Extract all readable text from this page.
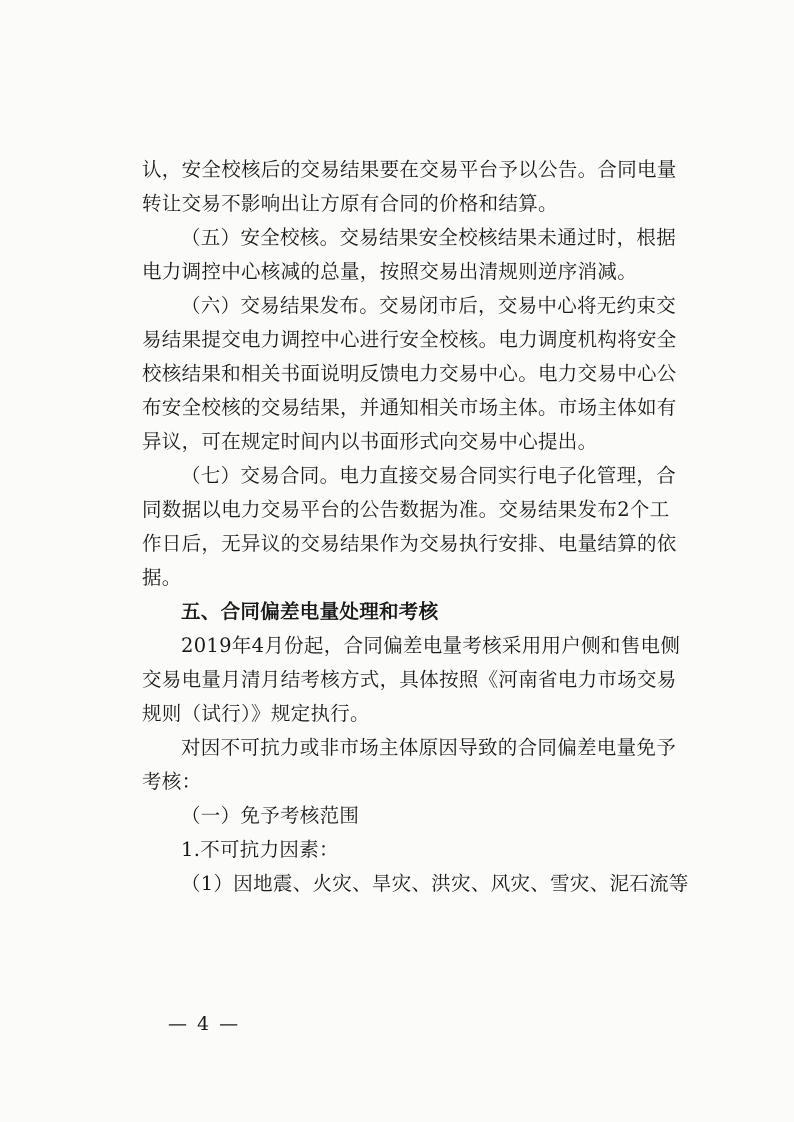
认，安全校核后的交易结果要在交易平台予以公告。合同电量
转让交易不影响出让方原有合同的价格和结算。
（五）安全校核。交易结果安全校核结果未通过时，根据
电力调控中心核减的总量，按照交易出清规则逆序消减。
（六）交易结果发布。交易闭市后，交易中心将无约束交
易结果提交电力调控中心进行安全校核。电力调度机构将安全
校核结果和相关书面说明反馈电力交易中心。电力交易中心公
布安全校核的交易结果，并通知相关市场主体。市场主体如有
异议，可在规定时间内以书面形式向交易中心提出。
（七）交易合同。电力直接交易合同实行电子化管理，合
同数据以电力交易平台的公告数据为准。交易结果发布2个工
作日后，无异议的交易结果作为交易执行安排、电量结算的依
据。
五、合同偏差电量处理和考核
2019年4月份起，合同偏差电量考核采用用户侧和售电侧
交易电量月清月结考核方式，具体按照《河南省电力市场交易
规则（试行）》规定执行。
对因不可抗力或非市场主体原因导致的合同偏差电量免予
考核：
（一）免予考核范围
1.不可抗力因素：
（1）因地震、火灾、旱灾、洪灾、风灾、雪灾、泥石流等
— 4 —
